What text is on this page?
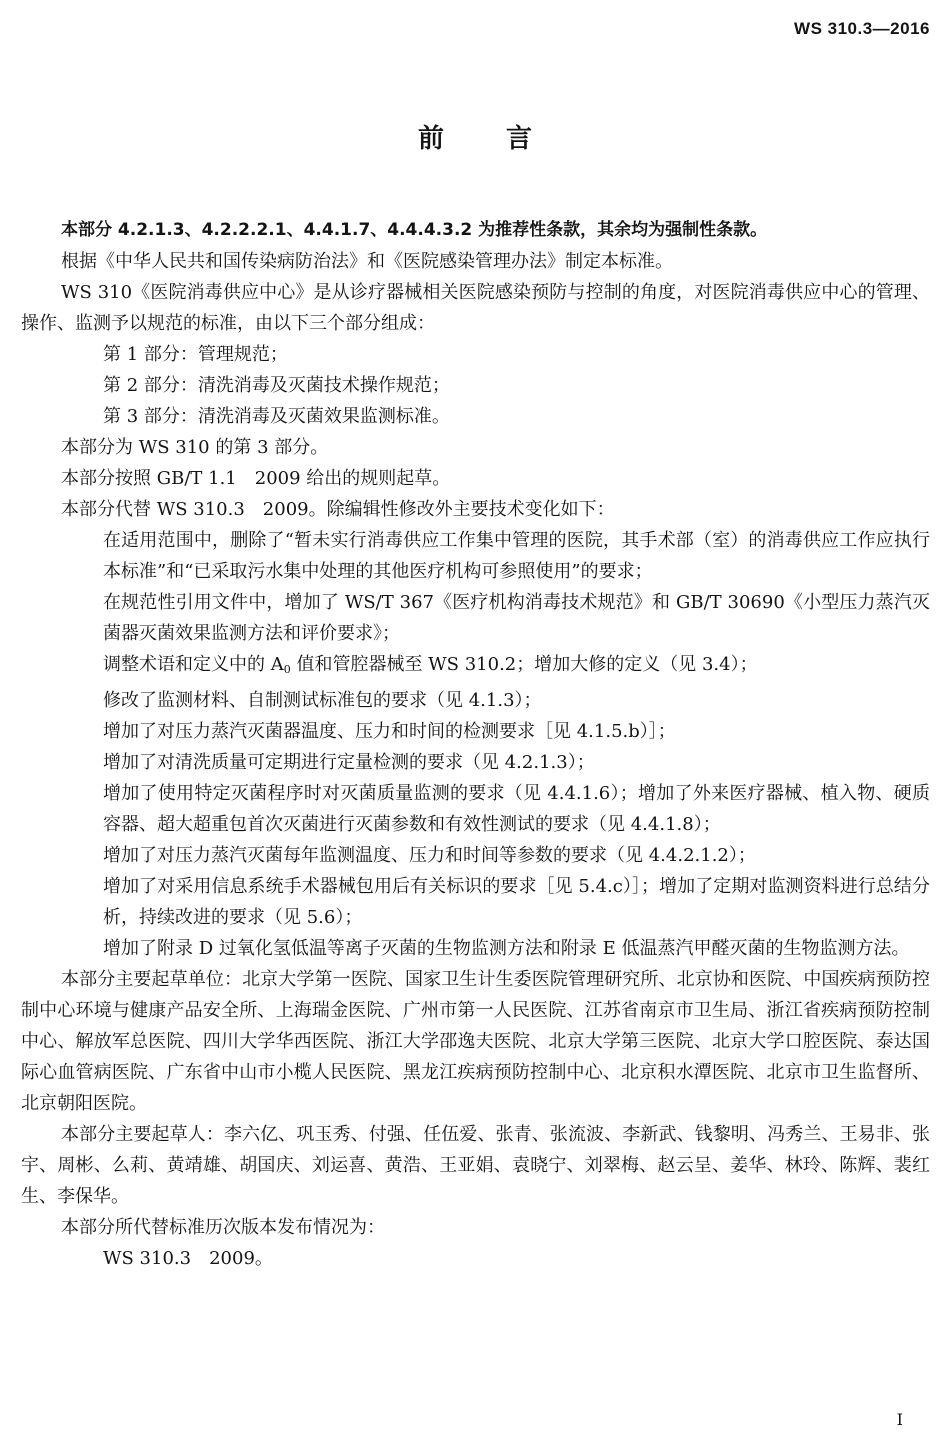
WS 310.3—2016
前言

本部分 4.2.1.3、4.2.2.2.1、4.4.1.7、4.4.4.3.2 为推荐性条款，其余均为强制性条款。

根据《中华人民共和国传染病防治法》和《医院感染管理办法》制定本标准。

WS 310《医院消毒供应中心》是从诊疗器械相关医院感染预防与控制的角度，对医院消毒供应中心的管理、操作、监测予以规范的标准，由以下三个部分组成：

第 1 部分：管理规范；

第 2 部分：清洗消毒及灭菌技术操作规范；

第 3 部分：清洗消毒及灭菌效果监测标准。

本部分为 WS 310 的第 3 部分。

本部分按照 GB/T 1.1　2009 给出的规则起草。

本部分代替 WS 310.3　2009。除编辑性修改外主要技术变化如下：

在适用范围中，删除了“暂未实行消毒供应工作集中管理的医院，其手术部（室）的消毒供应工作应执行本标准”和“已采取污水集中处理的其他医疗机构可参照使用”的要求；

在规范性引用文件中，增加了 WS/T 367《医疗机构消毒技术规范》和 GB/T 30690《小型压力蒸汽灭菌器灭菌效果监测方法和评价要求》；

调整术语和定义中的 A0 值和管腔器械至 WS 310.2；增加大修的定义（见 3.4）；

修改了监测材料、自制测试标准包的要求（见 4.1.3）；

增加了对压力蒸汽灭菌器温度、压力和时间的检测要求［见 4.1.5.b）］；

增加了对清洗质量可定期进行定量检测的要求（见 4.2.1.3）；

增加了使用特定灭菌程序时对灭菌质量监测的要求（见 4.4.1.6）；增加了外来医疗器械、植入物、硬质容器、超大超重包首次灭菌进行灭菌参数和有效性测试的要求（见 4.4.1.8）；

增加了对压力蒸汽灭菌每年监测温度、压力和时间等参数的要求（见 4.4.2.1.2）；

增加了对采用信息系统手术器械包用后有关标识的要求［见 5.4.c）］；增加了定期对监测资料进行总结分析，持续改进的要求（见 5.6）；

增加了附录 D 过氧化氢低温等离子灭菌的生物监测方法和附录 E 低温蒸汽甲醛灭菌的生物监测方法。

本部分主要起草单位：北京大学第一医院、国家卫生计生委医院管理研究所、北京协和医院、中国疾病预防控制中心环境与健康产品安全所、上海瑞金医院、广州市第一人民医院、江苏省南京市卫生局、浙江省疾病预防控制中心、解放军总医院、四川大学华西医院、浙江大学邵逸夫医院、北京大学第三医院、北京大学口腔医院、泰达国际心血管病医院、广东省中山市小榄人民医院、黑龙江疾病预防控制中心、北京积水潭医院、北京市卫生监督所、北京朝阳医院。

本部分主要起草人：李六亿、巩玉秀、付强、任伍爱、张青、张流波、李新武、钱黎明、冯秀兰、王易非、张宇、周彬、么莉、黄靖雄、胡国庆、刘运喜、黄浩、王亚娟、袁晓宁、刘翠梅、赵云呈、姜华、林玲、陈辉、裴红生、李保华。

本部分所代替标准历次版本发布情况为：

WS 310.3　2009。

I
